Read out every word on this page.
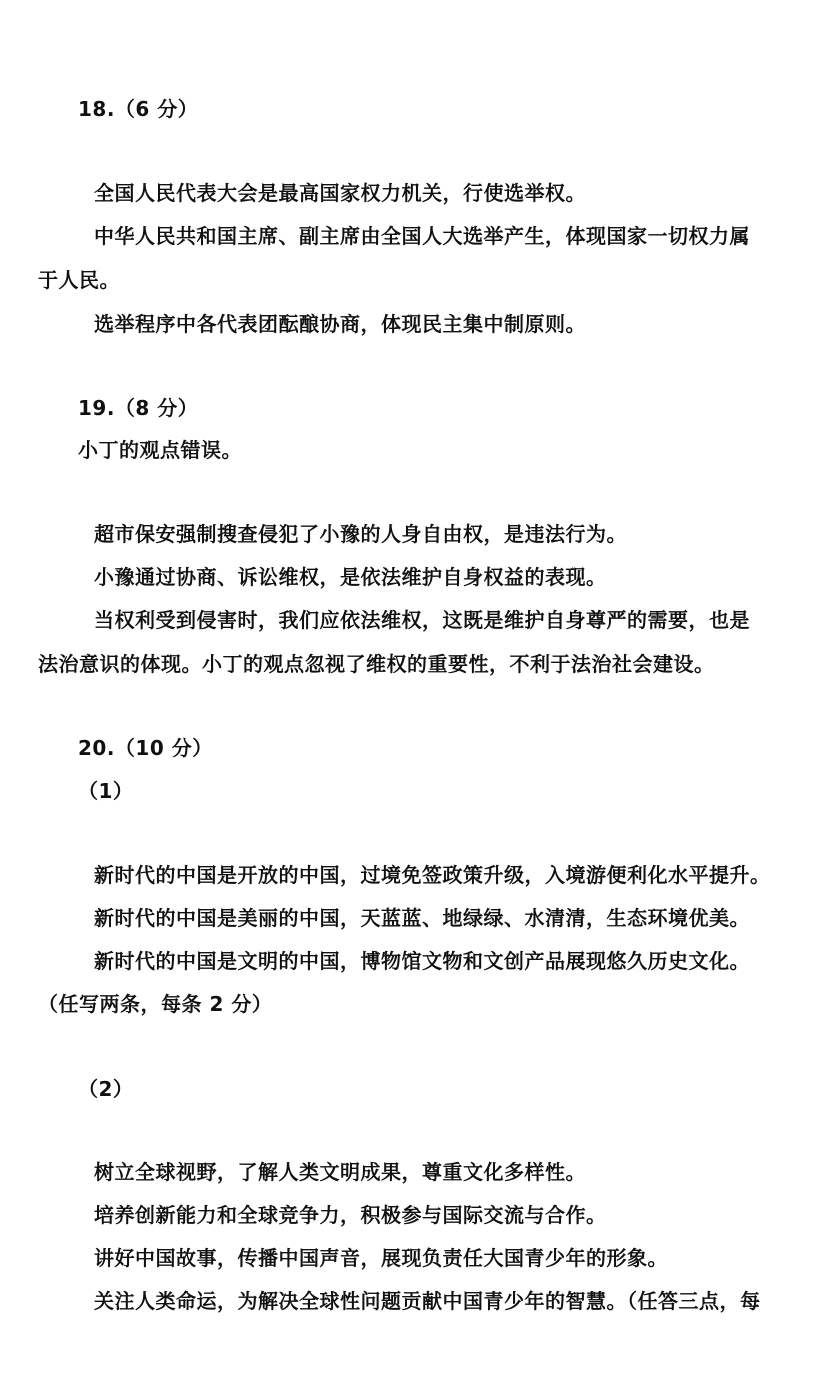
18.（6 分）
全国人民代表大会是最高国家权力机关，行使选举权。
中华人民共和国主席、副主席由全国人大选举产生，体现国家一切权力属
于人民。
选举程序中各代表团酝酿协商，体现民主集中制原则。
19.（8 分）
小丁的观点错误。
超市保安强制搜查侵犯了小豫的人身自由权，是违法行为。
小豫通过协商、诉讼维权，是依法维护自身权益的表现。
当权利受到侵害时，我们应依法维权，这既是维护自身尊严的需要，也是
法治意识的体现。小丁的观点忽视了维权的重要性，不利于法治社会建设。
20.（10 分）
（1）
新时代的中国是开放的中国，过境免签政策升级，入境游便利化水平提升。
新时代的中国是美丽的中国，天蓝蓝、地绿绿、水清清，生态环境优美。
新时代的中国是文明的中国，博物馆文物和文创产品展现悠久历史文化。
（任写两条，每条 2 分）
（2）
树立全球视野，了解人类文明成果，尊重文化多样性。
培养创新能力和全球竞争力，积极参与国际交流与合作。
讲好中国故事，传播中国声音，展现负责任大国青少年的形象。
关注人类命运，为解决全球性问题贡献中国青少年的智慧。（任答三点，每
